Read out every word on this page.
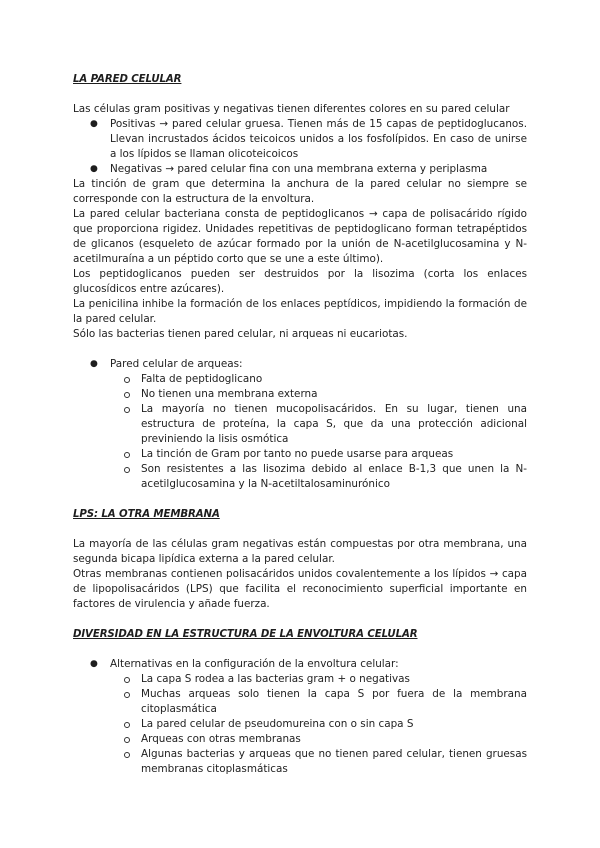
LA PARED CELULAR

Las células gram positivas y negativas tienen diferentes colores en su pared celular

●	Positivas → pared celular gruesa. Tienen más de 15 capas de peptidoglucanos. Llevan incrustados ácidos teicoicos unidos a los fosfolípidos. En caso de unirse a los lípidos se llaman olicoteicoicos
●	Negativas → pared celular fina con una membrana externa y periplasma

La tinción de gram que determina la anchura de la pared celular no siempre se corresponde con la estructura de la envoltura.

La pared celular bacteriana consta de peptidoglicanos → capa de polisacárido rígido que proporciona rigidez. Unidades repetitivas de peptidoglicano forman tetrapéptidos de glicanos (esqueleto de azúcar formado por la unión de N-acetilglucosamina y N-acetilmuraína a un péptido corto que se une a este último).

Los peptidoglicanos pueden ser destruidos por la lisozima (corta los enlaces glucosídicos entre azúcares).

La penicilina inhibe la formación de los enlaces peptídicos, impidiendo la formación de la pared celular.

Sólo las bacterias tienen pared celular, ni arqueas ni eucariotas.

●	Pared celular de arqueas:
Falta de peptidoglicano
No tienen una membrana externa
La mayoría no tienen mucopolisacáridos. En su lugar, tienen una estructura de proteína, la capa S, que da una protección adicional previniendo la lisis osmótica
La tinción de Gram por tanto no puede usarse para arqueas
Son resistentes a las lisozima debido al enlace B-1,3 que unen la N-acetilglucosamina y la N-acetiltalosaminurónico
LPS: LA OTRA MEMBRANA

La mayoría de las células gram negativas están compuestas por otra membrana, una segunda bicapa lipídica externa a la pared celular.

Otras membranas contienen polisacáridos unidos covalentemente a los lípidos → capa de lipopolisacáridos (LPS) que facilita el reconocimiento superficial importante en factores de virulencia y añade fuerza.

DIVERSIDAD EN LA ESTRUCTURA DE LA ENVOLTURA CELULAR
●	Alternativas en la configuración de la envoltura celular:
La capa S rodea a las bacterias gram + o negativas
Muchas arqueas solo tienen la capa S por fuera de la membrana citoplasmática
La pared celular de pseudomureina con o sin capa S
Arqueas con otras membranas
Algunas bacterias y arqueas que no tienen pared celular, tienen gruesas membranas citoplasmáticas
